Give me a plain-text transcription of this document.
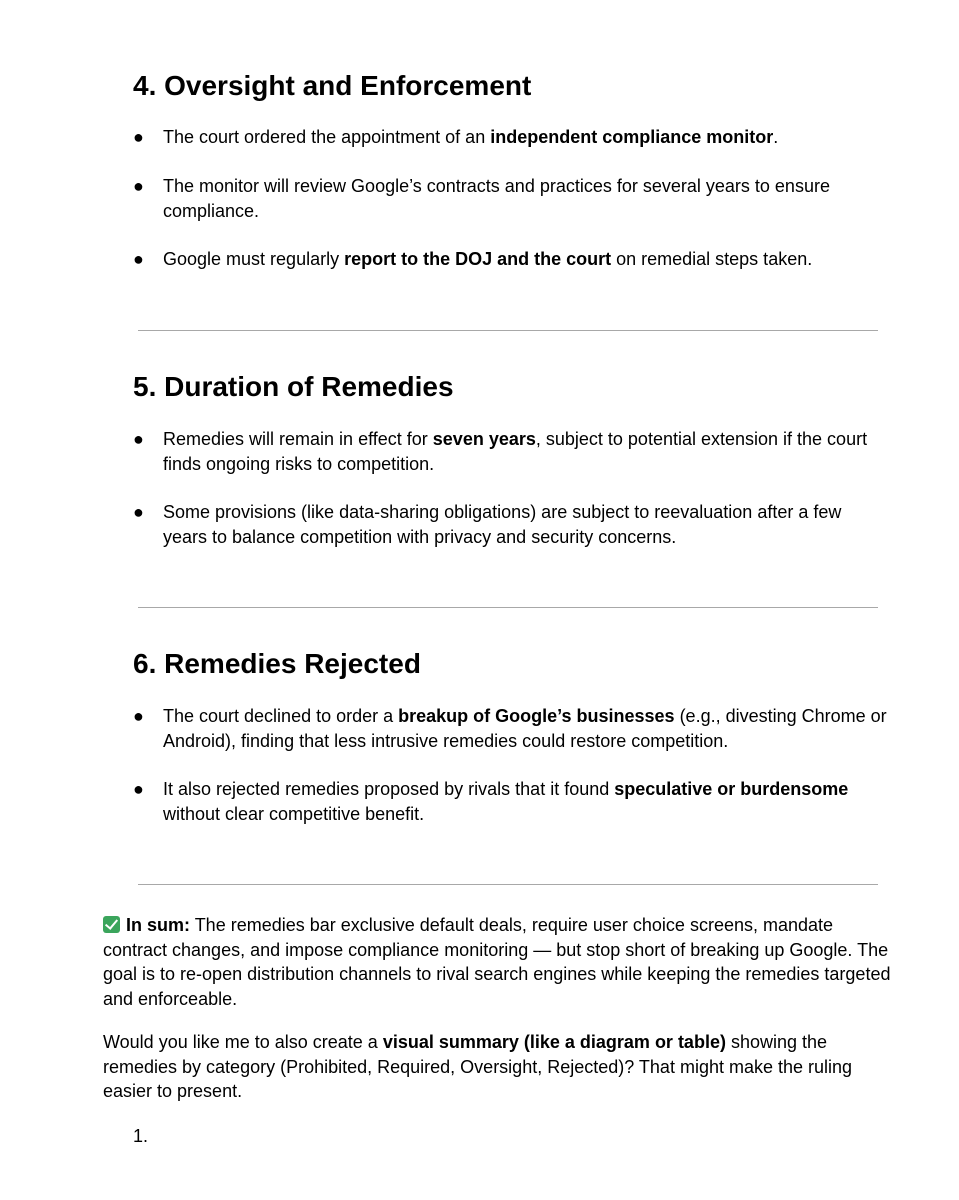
4. Oversight and Enforcement
● The court ordered the appointment of an independent compliance monitor.
● The monitor will review Google’s contracts and practices for several years to ensure compliance.
● Google must regularly report to the DOJ and the court on remedial steps taken.
5. Duration of Remedies
● Remedies will remain in effect for seven years, subject to potential extension if the court finds ongoing risks to competition.
● Some provisions (like data-sharing obligations) are subject to reevaluation after a few years to balance competition with privacy and security concerns.
6. Remedies Rejected
● The court declined to order a breakup of Google’s businesses (e.g., divesting Chrome or Android), finding that less intrusive remedies could restore competition.
● It also rejected remedies proposed by rivals that it found speculative or burdensome without clear competitive benefit.

In sum: The remedies bar exclusive default deals, require user choice screens, mandate contract changes, and impose compliance monitoring — but stop short of breaking up Google. The goal is to re-open distribution channels to rival search engines while keeping the remedies targeted and enforceable.

Would you like me to also create a visual summary (like a diagram or table) showing the remedies by category (Prohibited, Required, Oversight, Rejected)? That might make the ruling easier to present.

1.
